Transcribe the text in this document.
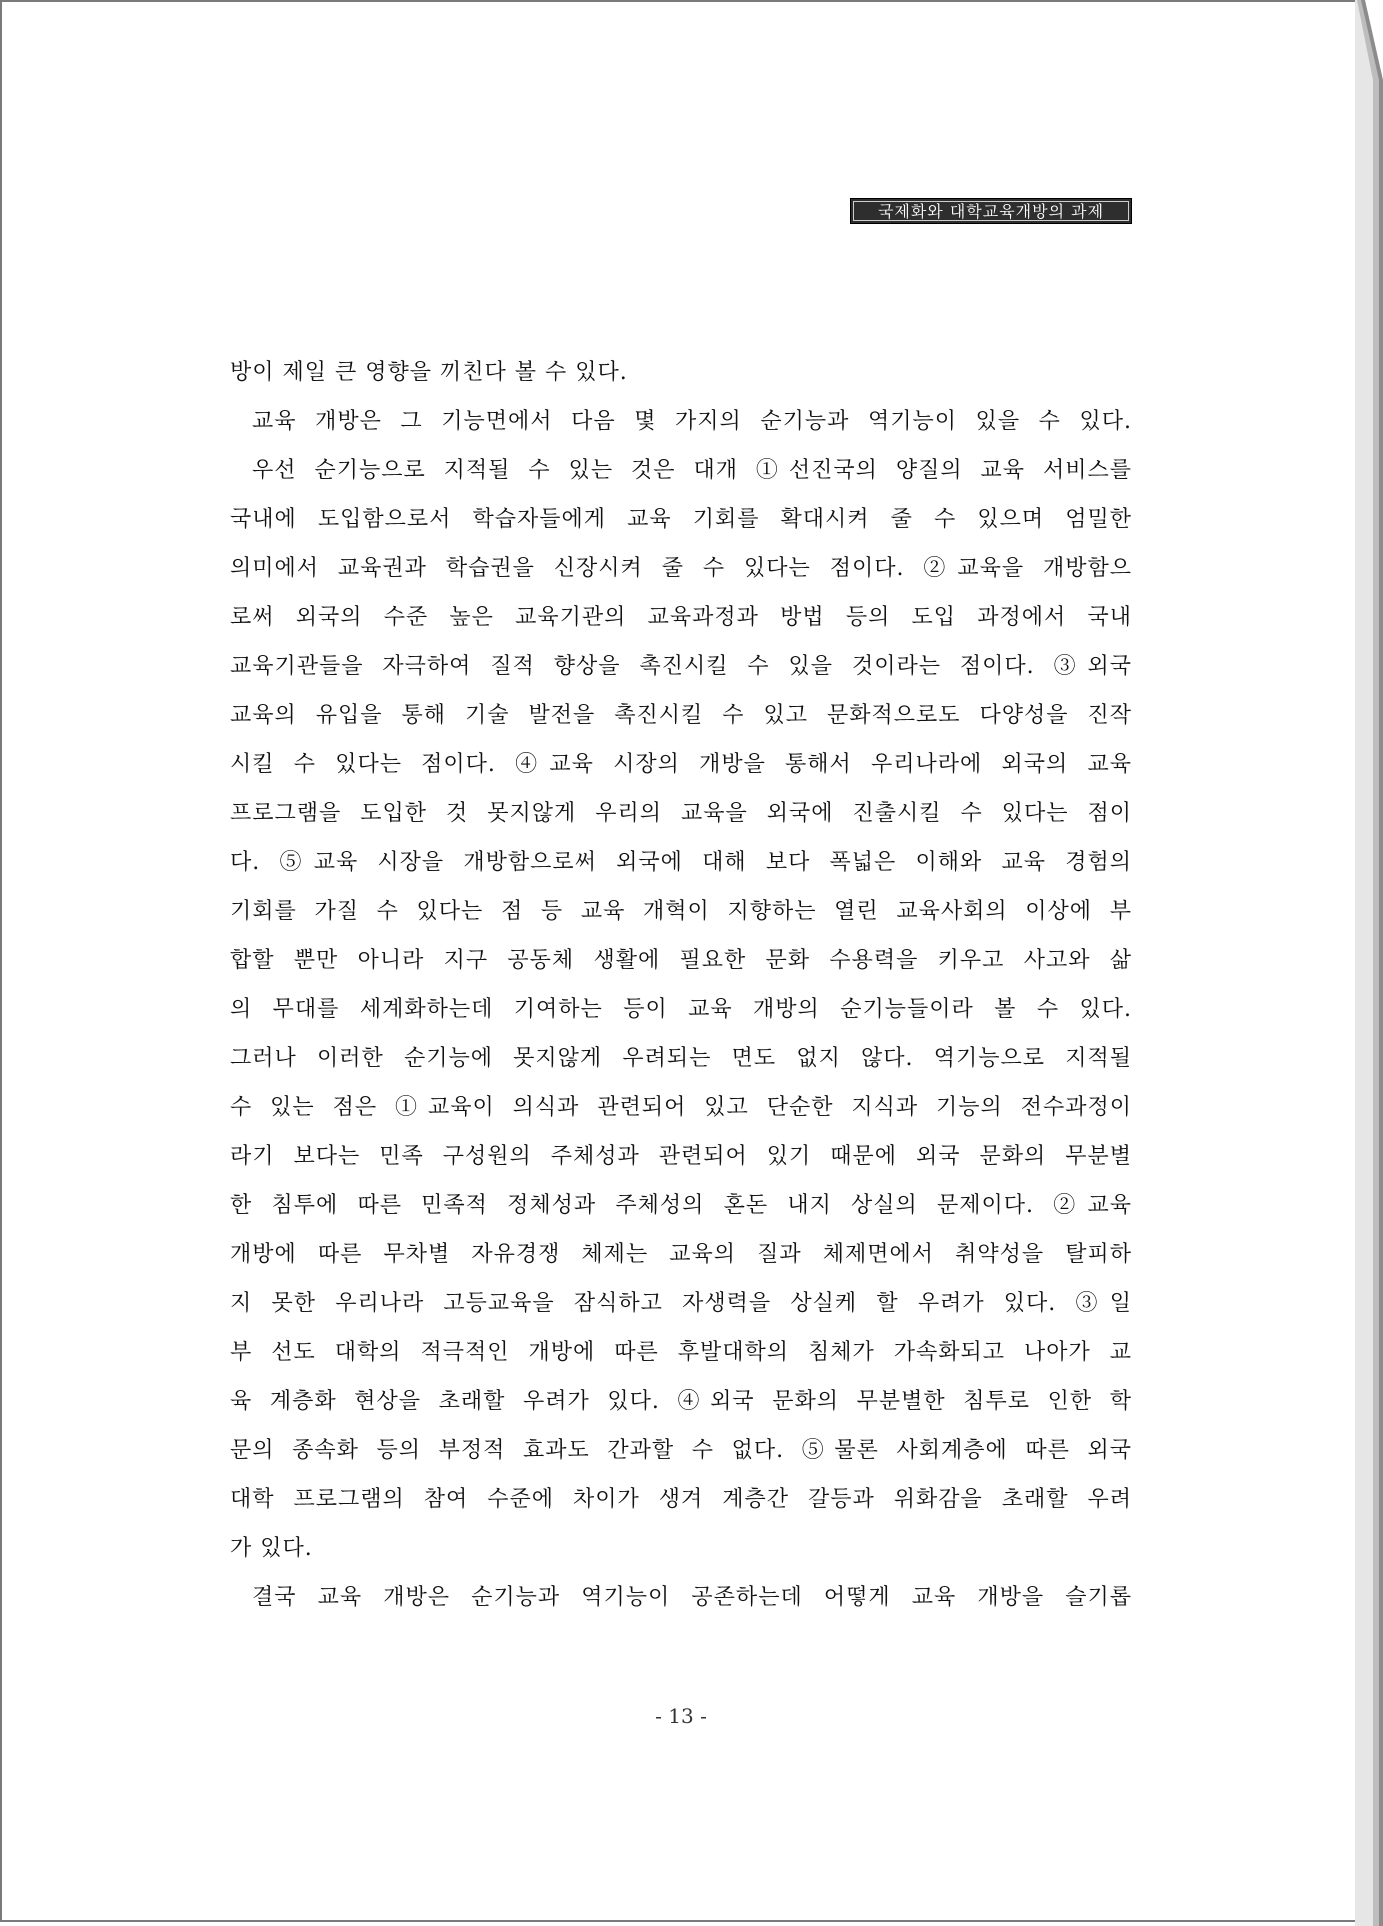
국제화와 대학교육개방의 과제
방이 제일 큰 영향을 끼친다 볼 수 있다.
교육 개방은 그 기능면에서 다음 몇 가지의 순기능과 역기능이 있을 수 있다.
우선 순기능으로 지적될 수 있는 것은 대개 ①선진국의 양질의 교육 서비스를
국내에 도입함으로서 학습자들에게 교육 기회를 확대시켜 줄 수 있으며 엄밀한
의미에서 교육권과 학습권을 신장시켜 줄 수 있다는 점이다. ②교육을 개방함으
로써 외국의 수준 높은 교육기관의 교육과정과 방법 등의 도입 과정에서 국내
교육기관들을 자극하여 질적 향상을 촉진시킬 수 있을 것이라는 점이다. ③외국
교육의 유입을 통해 기술 발전을 촉진시킬 수 있고 문화적으로도 다양성을 진작
시킬 수 있다는 점이다. ④교육 시장의 개방을 통해서 우리나라에 외국의 교육
프로그램을 도입한 것 못지않게 우리의 교육을 외국에 진출시킬 수 있다는 점이
다. ⑤교육 시장을 개방함으로써 외국에 대해 보다 폭넓은 이해와 교육 경험의
기회를 가질 수 있다는 점 등 교육 개혁이 지향하는 열린 교육사회의 이상에 부
합할 뿐만 아니라 지구 공동체 생활에 필요한 문화 수용력을 키우고 사고와 삶
의 무대를 세계화하는데 기여하는 등이 교육 개방의 순기능들이라 볼 수 있다.
그러나 이러한 순기능에 못지않게 우려되는 면도 없지 않다. 역기능으로 지적될
수 있는 점은 ①교육이 의식과 관련되어 있고 단순한 지식과 기능의 전수과정이
라기 보다는 민족 구성원의 주체성과 관련되어 있기 때문에 외국 문화의 무분별
한 침투에 따른 민족적 정체성과 주체성의 혼돈 내지 상실의 문제이다. ②교육
개방에 따른 무차별 자유경쟁 체제는 교육의 질과 체제면에서 취약성을 탈피하
지 못한 우리나라 고등교육을 잠식하고 자생력을 상실케 할 우려가 있다. ③일
부 선도 대학의 적극적인 개방에 따른 후발대학의 침체가 가속화되고 나아가 교
육 계층화 현상을 초래할 우려가 있다. ④외국 문화의 무분별한 침투로 인한 학
문의 종속화 등의 부정적 효과도 간과할 수 없다. ⑤물론 사회계층에 따른 외국
대학 프로그램의 참여 수준에 차이가 생겨 계층간 갈등과 위화감을 초래할 우려
가 있다.
결국 교육 개방은 순기능과 역기능이 공존하는데 어떻게 교육 개방을 슬기롭
- 13 -
